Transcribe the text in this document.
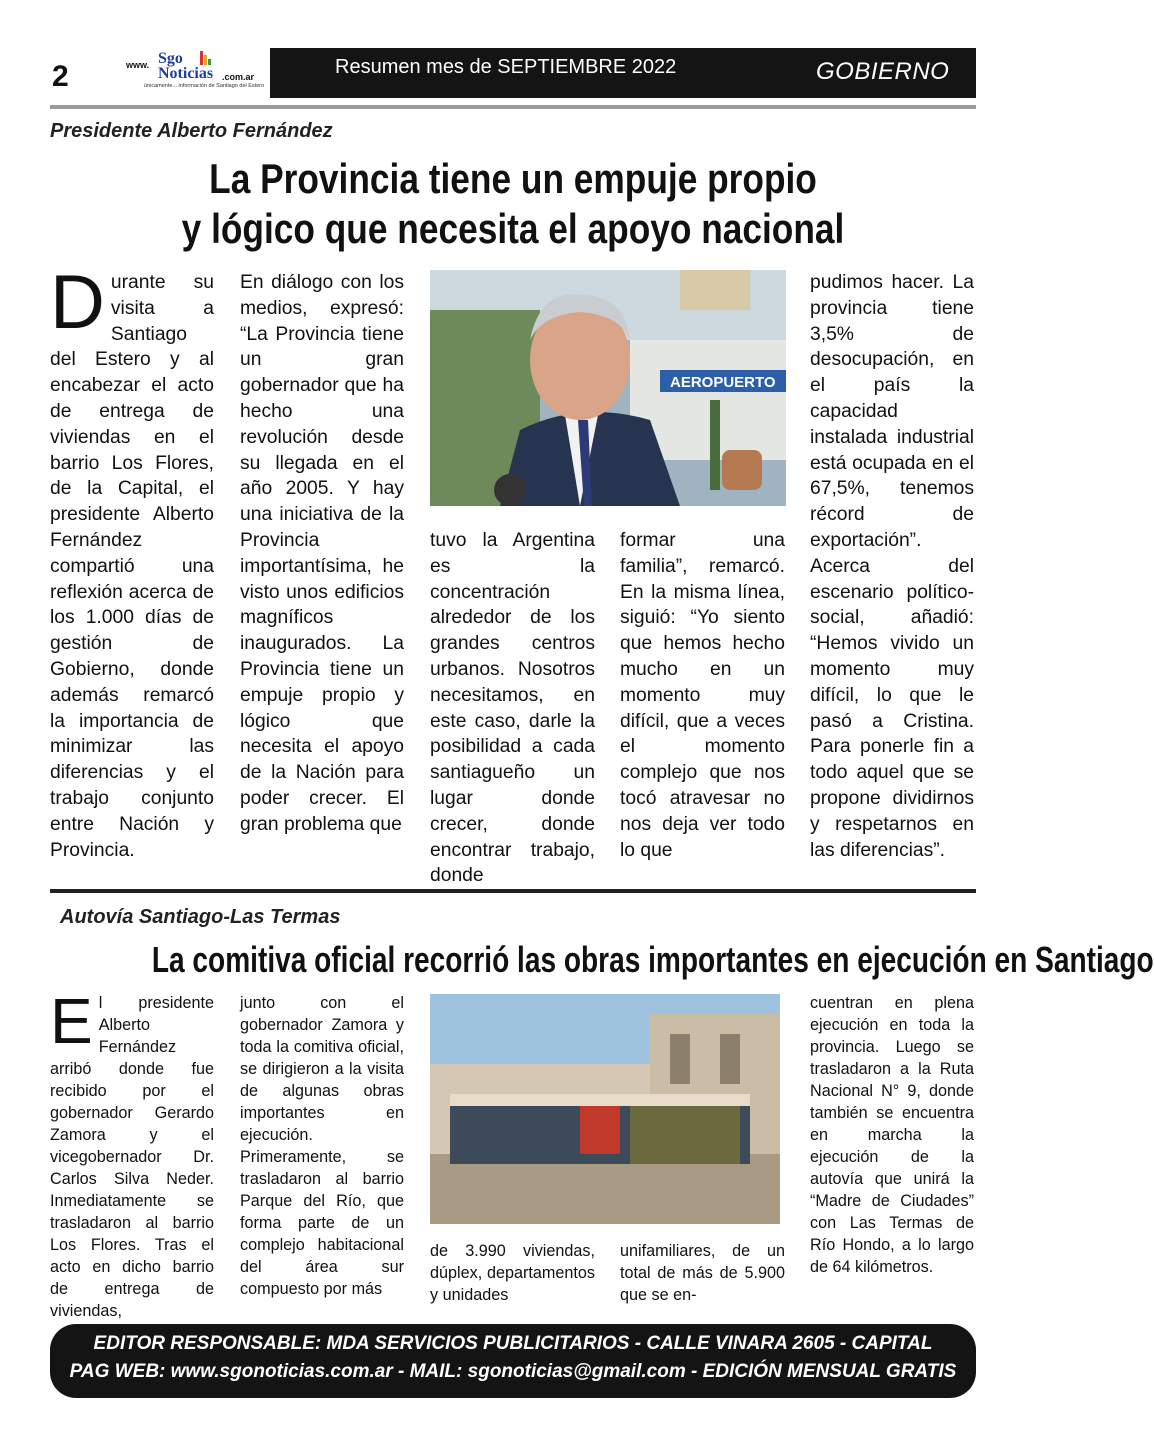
2	www. Sgo
Noticias .com.ar
únicamente... información de Santiago del Estero
Resumen mes de SEPTIEMBRE 2022	GOBIERNO
Presidente Alberto Fernández
La Provincia tiene un empuje propio
y lógico que necesita el apoyo nacional
D urante su visita a Santiago del Estero y al encabezar el acto de entrega de viviendas en el barrio Los Flores, de la Capital, el presidente Alberto Fernández compartió una reflexión acerca de los 1.000 días de gestión de Gobierno, donde además remarcó la importancia de minimizar las diferencias y el trabajo conjunto entre Nación y Provincia.
En diálogo con los medios, expresó: “La Provincia tiene un gran gobernador que ha hecho una revolución desde su llegada en el año 2005. Y hay una iniciativa de la Provincia importantísima, he visto unos edificios magníficos inaugurados. La Provincia tiene un empuje propio y lógico que necesita el apoyo de la Nación para poder crecer. El gran problema que
AEROPUERTO
tuvo la Argentina es la concentración alrededor de los grandes centros urbanos. Nosotros necesitamos, en este caso, darle la posibilidad a cada santiagueño un lugar donde crecer, donde encontrar trabajo, donde
formar una familia”, remarcó. En la misma línea, siguió: “Yo siento que hemos hecho mucho en un momento muy difícil, que a veces el momento complejo que nos tocó atravesar no nos deja ver todo lo que
pudimos hacer. La provincia tiene 3,5% de desocupación, en el país la capacidad instalada industrial está ocupada en el 67,5%, tenemos récord de exportación”. Acerca del escenario político-social, añadió: “Hemos vivido un momento muy difícil, lo que le pasó a Cristina. Para ponerle fin a todo aquel que se propone dividirnos y respetarnos en las diferencias”.
Autovía Santiago-Las Termas
La comitiva oficial recorrió las obras importantes en ejecución en Santiago
E l presidente Alberto Fernández arribó donde fue recibido por el gobernador Gerardo Zamora y el vicegobernador Dr. Carlos Silva Neder. Inmediatamente se trasladaron al barrio Los Flores. Tras el acto en dicho barrio de entrega de viviendas,
junto con el gobernador Zamora y toda la comitiva oficial, se dirigieron a la visita de algunas obras importantes en ejecución. Primeramente, se trasladaron al barrio Parque del Río, que forma parte de un complejo habitacional del área sur compuesto por más
de 3.990 viviendas, dúplex, departamentos y unidades
unifamiliares, de un total de más de 5.900 que se en-
cuentran en plena ejecución en toda la provincia. Luego se trasladaron a la Ruta Nacional N° 9, donde también se encuentra en marcha la ejecución de la autovía que unirá la “Madre de Ciudades” con Las Termas de Río Hondo, a lo largo de 64 kilómetros.
EDITOR RESPONSABLE: MDA SERVICIOS PUBLICITARIOS - CALLE VINARA 2605 - CAPITAL
PAG WEB: www.sgonoticias.com.ar - MAIL: sgonoticias@gmail.com - EDICIÓN MENSUAL GRATIS
